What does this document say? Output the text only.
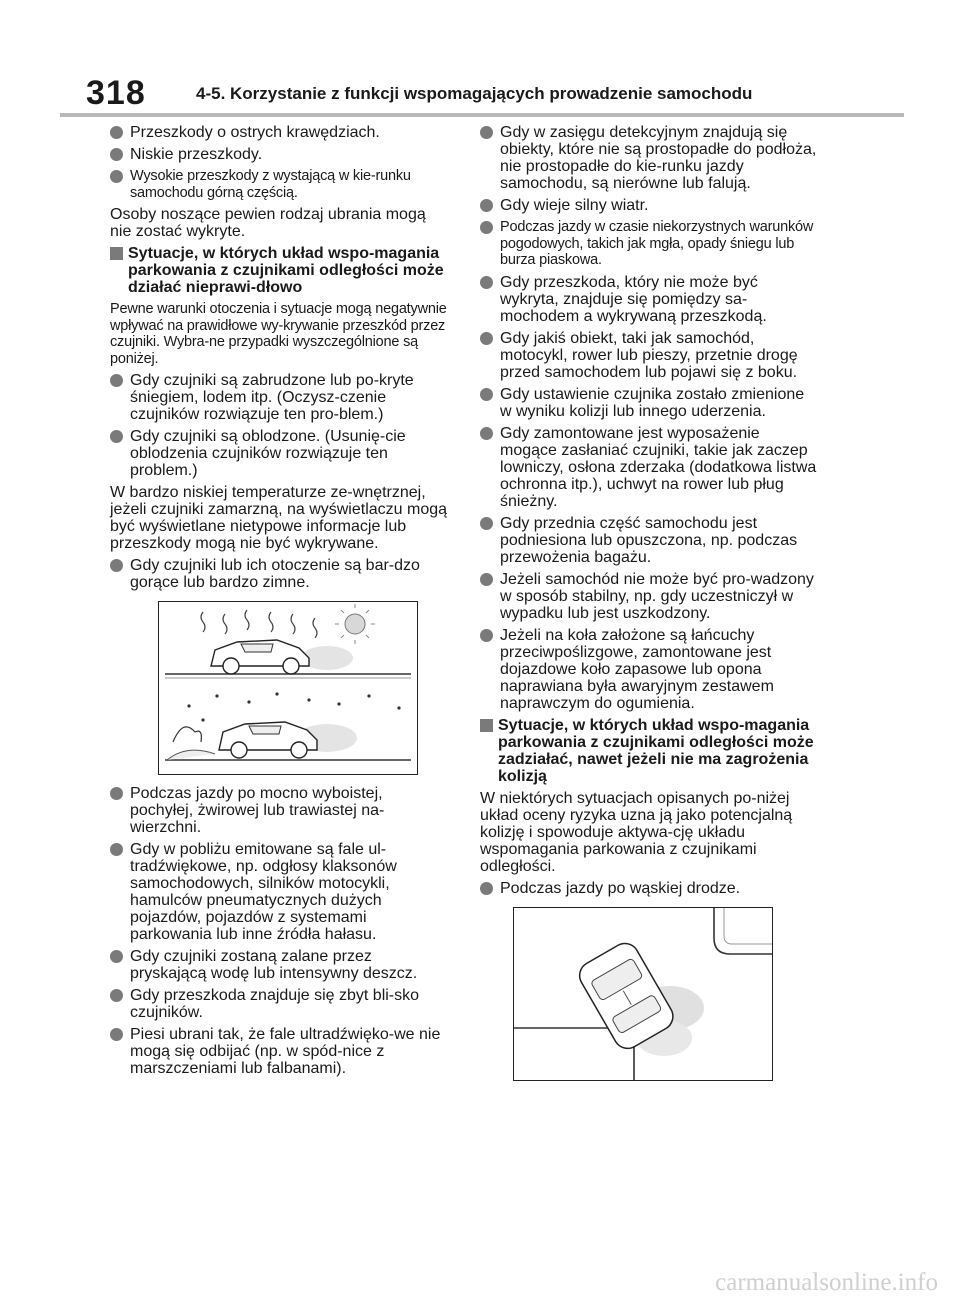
318	4-5. Korzystanie z funkcji wspomagających prowadzenie samochodu
Przeszkody o ostrych krawędziach.
Niskie przeszkody.
Wysokie przeszkody z wystającą w kie-runku samochodu górną częścią.
Osoby noszące pewien rodzaj ubrania mogą nie zostać wykryte.
Sytuacje, w których układ wspo-magania parkowania z czujnikami odległości może działać nieprawi-dłowo
Pewne warunki otoczenia i sytuacje mogą negatywnie wpływać na prawidłowe wy-krywanie przeszkód przez czujniki. Wybra-ne przypadki wyszczególnione są poniżej.
Gdy czujniki są zabrudzone lub po-kryte śniegiem, lodem itp. (Oczysz-czenie czujników rozwiązuje ten pro-blem.)
Gdy czujniki są oblodzone. (Usunię-cie oblodzenia czujników rozwiązuje ten problem.)
W bardzo niskiej temperaturze ze-wnętrznej, jeżeli czujniki zamarzną, na wyświetlaczu mogą być wyświetlane nietypowe informacje lub przeszkody mogą nie być wykrywane.
Gdy czujniki lub ich otoczenie są bar-dzo gorące lub bardzo zimne.
Podczas jazdy po mocno wyboistej, pochyłej, żwirowej lub trawiastej na-wierzchni.
Gdy w pobliżu emitowane są fale ul-tradźwiękowe, np. odgłosy klaksonów samochodowych, silników motocykli, hamulców pneumatycznych dużych pojazdów, pojazdów z systemami parkowania lub inne źródła hałasu.
Gdy czujniki zostaną zalane przez pryskającą wodę lub intensywny deszcz.
Gdy przeszkoda znajduje się zbyt bli-sko czujników.
Piesi ubrani tak, że fale ultradźwięko-we nie mogą się odbijać (np. w spód-nice z marszczeniami lub falbanami).
Gdy w zasięgu detekcyjnym znajdują się obiekty, które nie są prostopadłe do podłoża, nie prostopadłe do kie-runku jazdy samochodu, są nierówne lub falują.
Gdy wieje silny wiatr.
Podczas jazdy w czasie niekorzystnych warunków pogodowych, takich jak mgła, opady śniegu lub burza piaskowa.
Gdy przeszkoda, który nie może być wykryta, znajduje się pomiędzy sa-mochodem a wykrywaną przeszkodą.
Gdy jakiś obiekt, taki jak samochód, motocykl, rower lub pieszy, przetnie drogę przed samochodem lub pojawi się z boku.
Gdy ustawienie czujnika zostało zmienione w wyniku kolizji lub innego uderzenia.
Gdy zamontowane jest wyposażenie mogące zasłaniać czujniki, takie jak zaczep lowniczy, osłona zderzaka (dodatkowa listwa ochronna itp.), uchwyt na rower lub pług śnieżny.
Gdy przednia część samochodu jest podniesiona lub opuszczona, np. podczas przewożenia bagażu.
Jeżeli samochód nie może być pro-wadzony w sposób stabilny, np. gdy uczestniczył w wypadku lub jest uszkodzony.
Jeżeli na koła założone są łańcuchy przeciwpoślizgowe, zamontowane jest dojazdowe koło zapasowe lub opona naprawiana była awaryjnym zestawem naprawczym do ogumienia.
Sytuacje, w których układ wspo-magania parkowania z czujnikami odległości może zadziałać, nawet jeżeli nie ma zagrożenia kolizją
W niektórych sytuacjach opisanych po-niżej układ oceny ryzyka uzna ją jako potencjalną kolizję i spowoduje aktywa-cję układu wspomagania parkowania z czujnikami odległości.
Podczas jazdy po wąskiej drodze.
carmanualsonline.info
